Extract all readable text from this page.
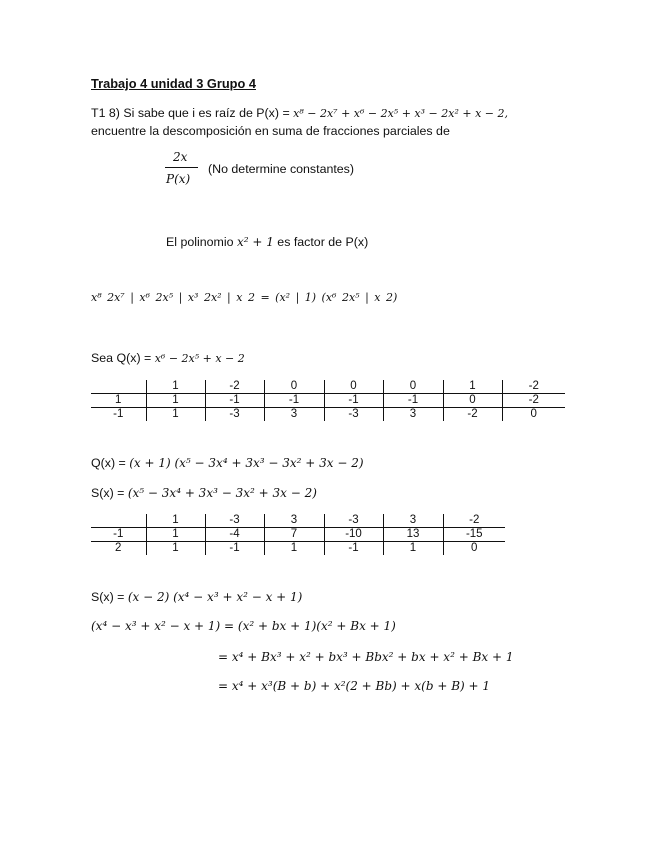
Trabajo 4 unidad 3 Grupo 4
T1 8) Si sabe que i es raíz de P(x) = x⁸ − 2x⁷ + x⁶ − 2x⁵ + x³ − 2x² + x − 2,
encuentre la descomposición en suma de fracciones parciales de
2x
P(x)
(No determine constantes)
El polinomio x² + 1 es factor de P(x)
x⁸ 2x⁷ | x⁶ 2x⁵ | x³ 2x² | x 2 = (x² | 1) (x⁶ 2x⁵ | x 2)
Sea Q(x) = x⁶ − 2x⁵ + x − 2
	1	-2	0	0	0	1	-2
1	1	-1	-1	-1	-1	0	-2
-1	1	-3	3	-3	3	-2	0
Q(x) = (x + 1) (x⁵ − 3x⁴ + 3x³ − 3x² + 3x − 2)
S(x) = (x⁵ − 3x⁴ + 3x³ − 3x² + 3x − 2)
	1	-3	3	-3	3	-2
-1	1	-4	7	-10	13	-15
2	1	-1	1	-1	1	0
S(x) = (x − 2) (x⁴ − x³ + x² − x + 1)
(x⁴ − x³ + x² − x + 1) = (x² + bx + 1)(x² + Bx + 1)
= x⁴ + Bx³ + x² + bx³ + Bbx² + bx + x² + Bx + 1
= x⁴ + x³(B + b) + x²(2 + Bb) + x(b + B) + 1
